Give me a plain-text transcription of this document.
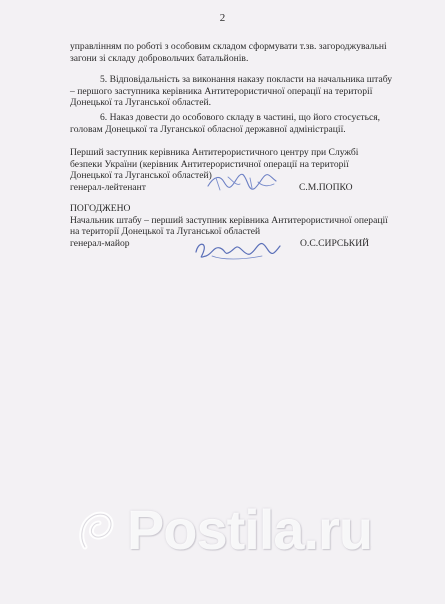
2
управлінням по роботі з особовим складом сформувати т.зв. загороджувальні
загони зі складу добровольчих батальйонів.
5. Відповідальність за виконання наказу покласти на начальника штабу
– першого заступника керівника Антитерористичної операції на території
Донецької та Луганської областей.
6. Наказ довести до особового складу в частині, що його стосується,
головам Донецької та Луганської обласної державної адміністрації.
Перший заступник керівника Антитерористичного центру при Службі
безпеки України (керівник Антитерористичної операції на території
Донецької та Луганської областей)
генерал-лейтенант	С.М.ПОПКО
ПОГОДЖЕНО
Начальник штабу – перший заступник керівника Антитерористичної операції
на території Донецької та Луганської областей
генерал-майор	О.С.СИРСЬКИЙ
Postila.ru
